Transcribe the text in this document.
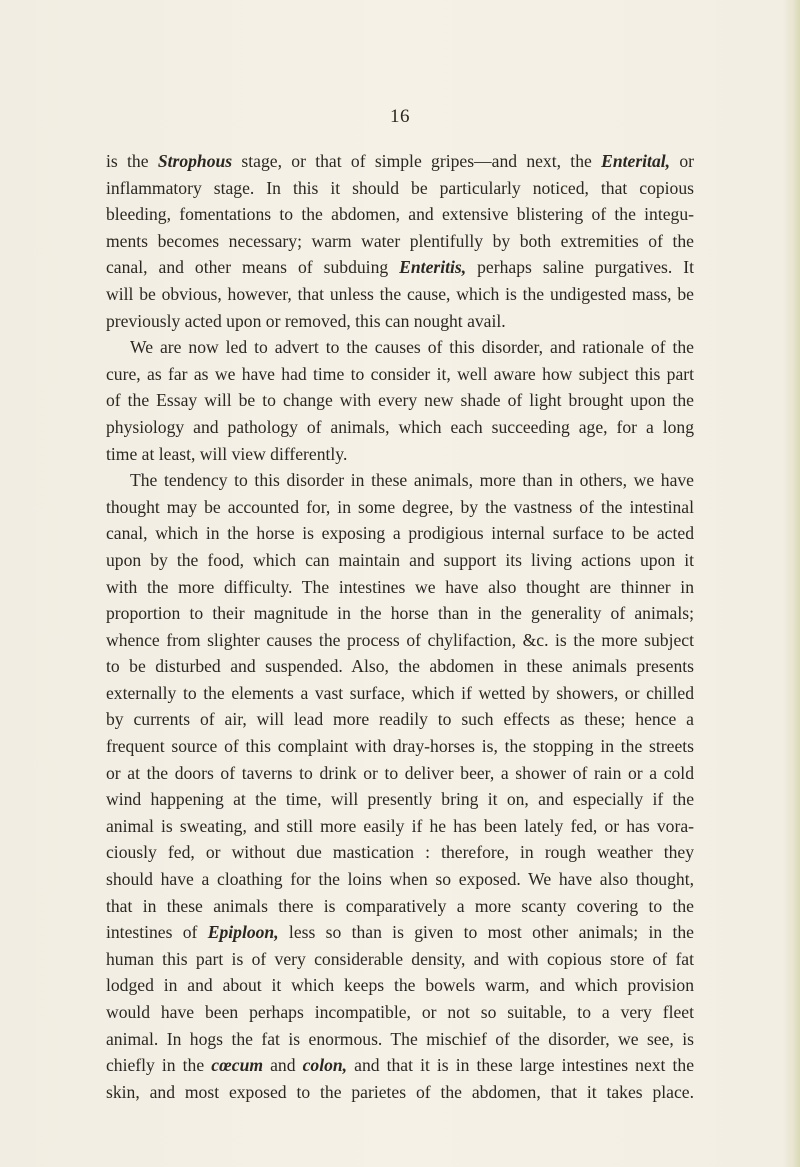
16
is the Strophous stage, or that of simple gripes—and next, the Enterital, or
inflammatory stage. In this it should be particularly noticed, that copious
bleeding, fomentations to the abdomen, and extensive blistering of the integu-
ments becomes necessary; warm water plentifully by both extremities of the
canal, and other means of subduing Enteritis, perhaps saline purgatives. It
will be obvious, however, that unless the cause, which is the undigested mass, be
previously acted upon or removed, this can nought avail.
We are now led to advert to the causes of this disorder, and rationale of the
cure, as far as we have had time to consider it, well aware how subject this part
of the Essay will be to change with every new shade of light brought upon the
physiology and pathology of animals, which each succeeding age, for a long
time at least, will view differently.
The tendency to this disorder in these animals, more than in others, we have
thought may be accounted for, in some degree, by the vastness of the intestinal
canal, which in the horse is exposing a prodigious internal surface to be acted
upon by the food, which can maintain and support its living actions upon it
with the more difficulty. The intestines we have also thought are thinner in
proportion to their magnitude in the horse than in the generality of animals;
whence from slighter causes the process of chylifaction, &c. is the more subject
to be disturbed and suspended. Also, the abdomen in these animals presents
externally to the elements a vast surface, which if wetted by showers, or chilled
by currents of air, will lead more readily to such effects as these; hence a
frequent source of this complaint with dray-horses is, the stopping in the streets
or at the doors of taverns to drink or to deliver beer, a shower of rain or a cold
wind happening at the time, will presently bring it on, and especially if the
animal is sweating, and still more easily if he has been lately fed, or has vora-
ciously fed, or without due mastication : therefore, in rough weather they
should have a cloathing for the loins when so exposed. We have also thought,
that in these animals there is comparatively a more scanty covering to the
intestines of Epiploon, less so than is given to most other animals; in the
human this part is of very considerable density, and with copious store of fat
lodged in and about it which keeps the bowels warm, and which provision
would have been perhaps incompatible, or not so suitable, to a very fleet
animal. In hogs the fat is enormous. The mischief of the disorder, we see, is
chiefly in the cœcum and colon, and that it is in these large intestines next the
skin, and most exposed to the parietes of the abdomen, that it takes place.
